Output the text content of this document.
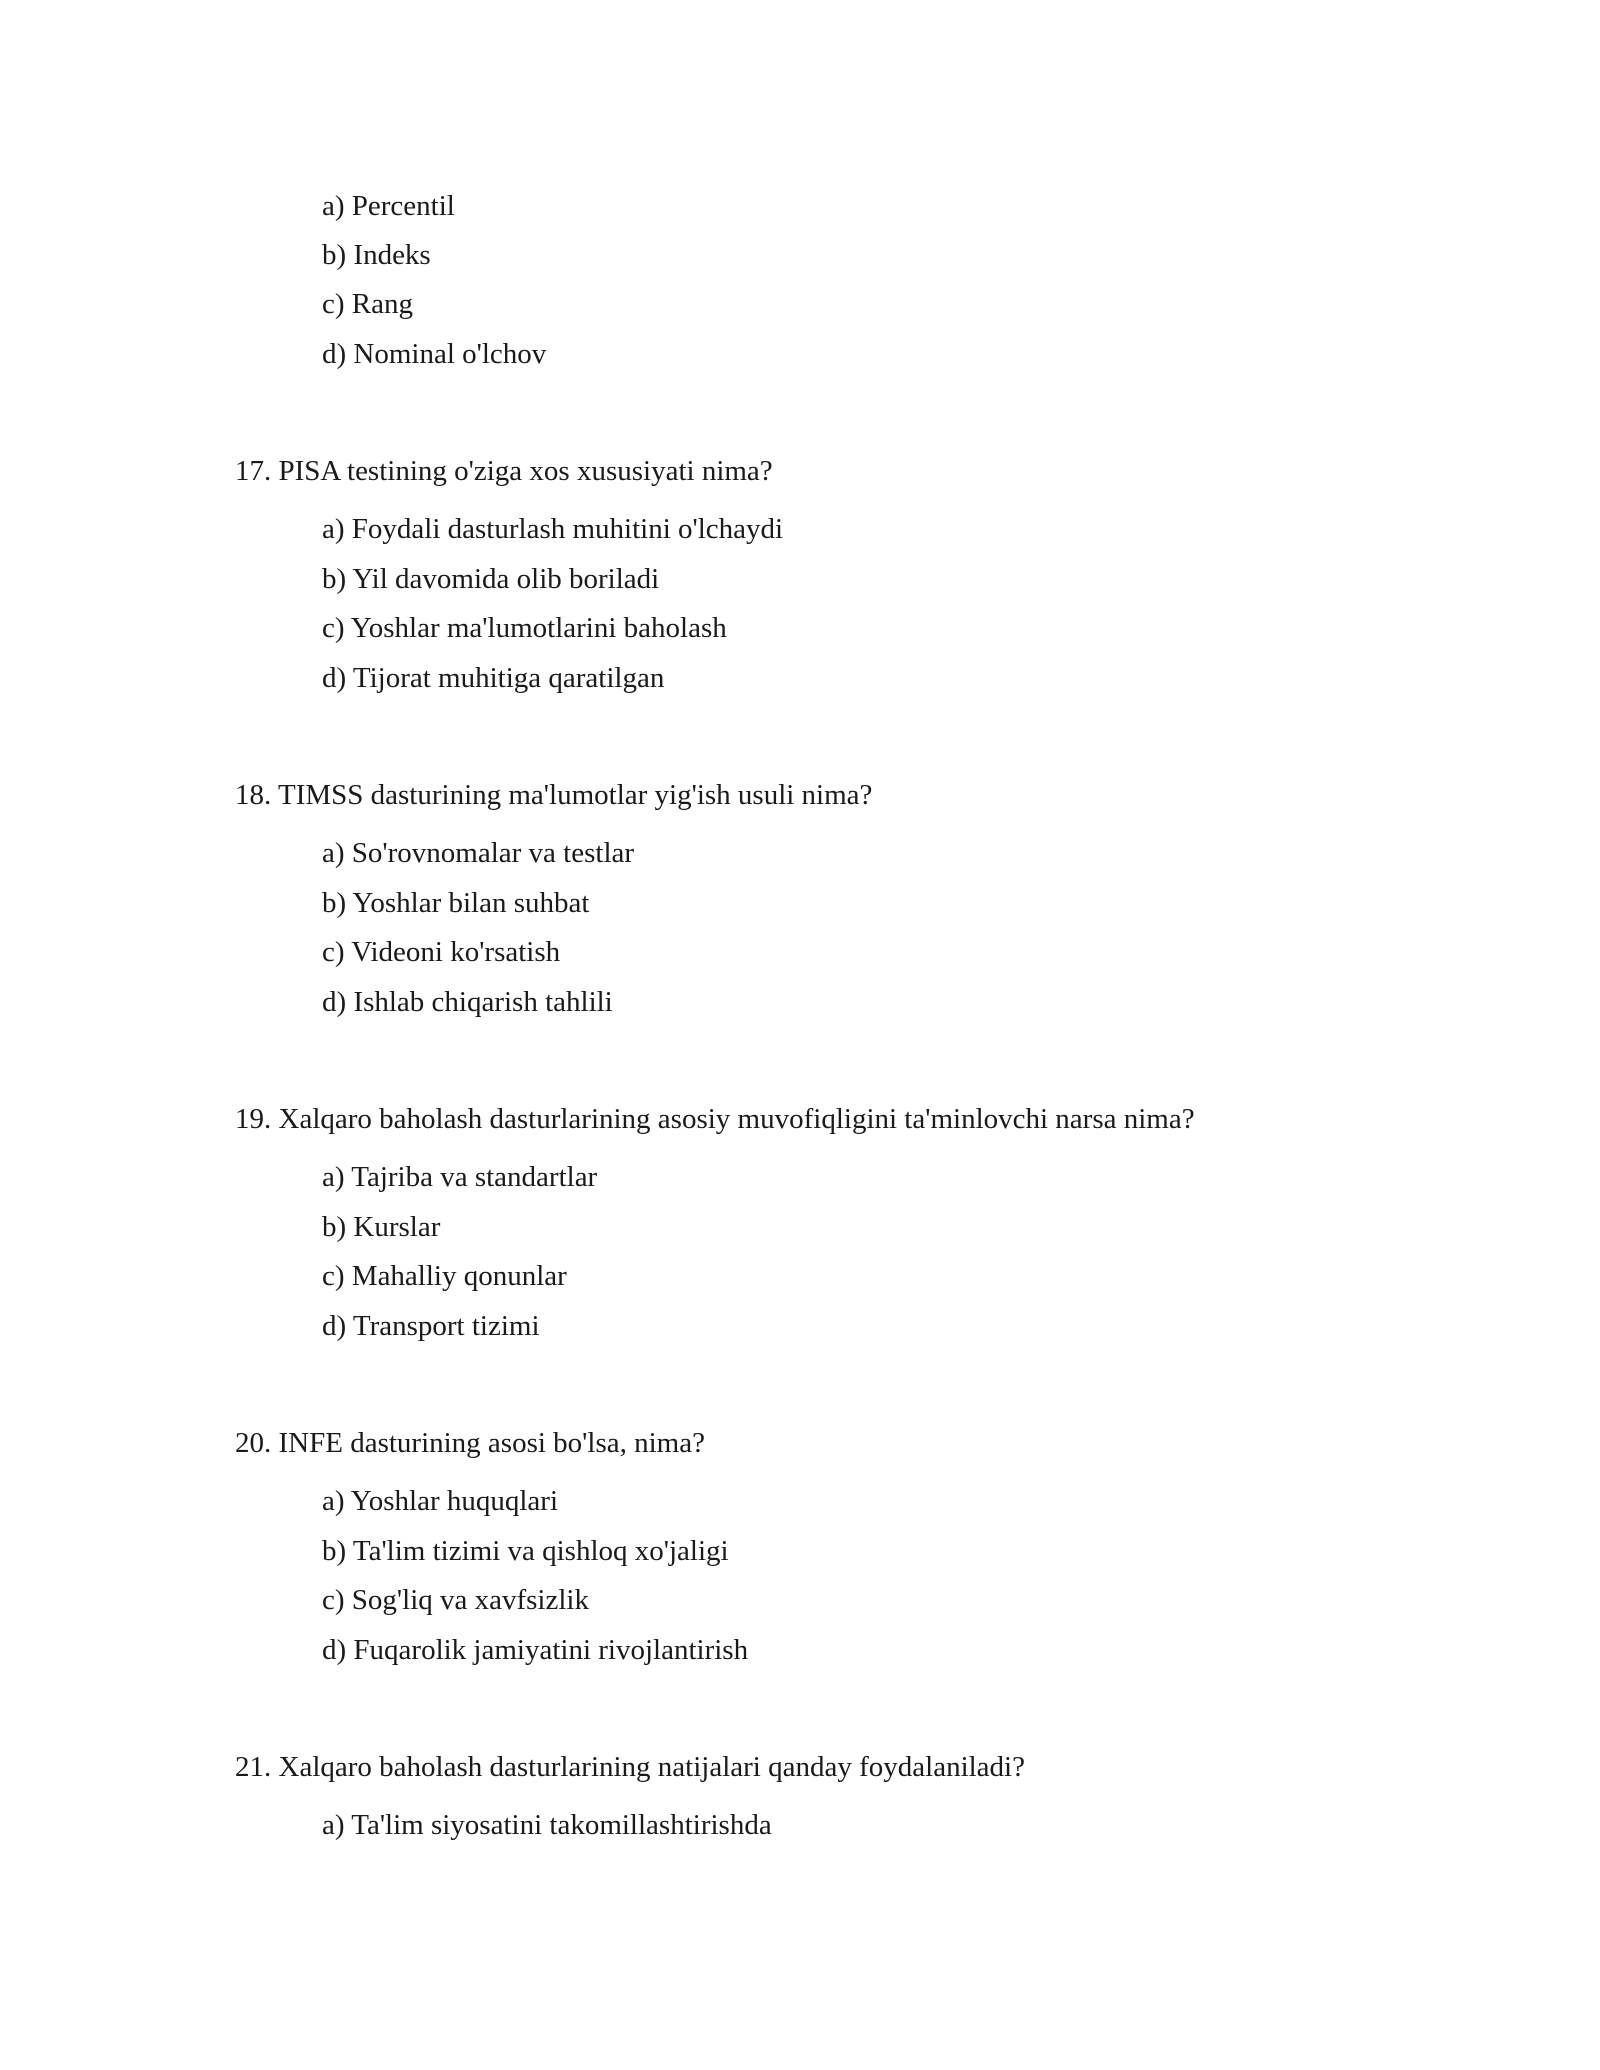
a) Percentil
b) Indeks
c) Rang
d) Nominal o'lchov
17. PISA testining o'ziga xos xususiyati nima?
a) Foydali dasturlash muhitini o'lchaydi
b) Yil davomida olib boriladi
c) Yoshlar ma'lumotlarini baholash
d) Tijorat muhitiga qaratilgan
18. TIMSS dasturining ma'lumotlar yig'ish usuli nima?
a) So'rovnomalar va testlar
b) Yoshlar bilan suhbat
c) Videoni ko'rsatish
d) Ishlab chiqarish tahlili
19. Xalqaro baholash dasturlarining asosiy muvofiqligini ta'minlovchi narsa nima?
a) Tajriba va standartlar
b) Kurslar
c) Mahalliy qonunlar
d) Transport tizimi
20. INFE dasturining asosi bo'lsa, nima?
a) Yoshlar huquqlari
b) Ta'lim tizimi va qishloq xo'jaligi
c) Sog'liq va xavfsizlik
d) Fuqarolik jamiyatini rivojlantirish
21. Xalqaro baholash dasturlarining natijalari qanday foydalaniladi?
a) Ta'lim siyosatini takomillashtirishda
